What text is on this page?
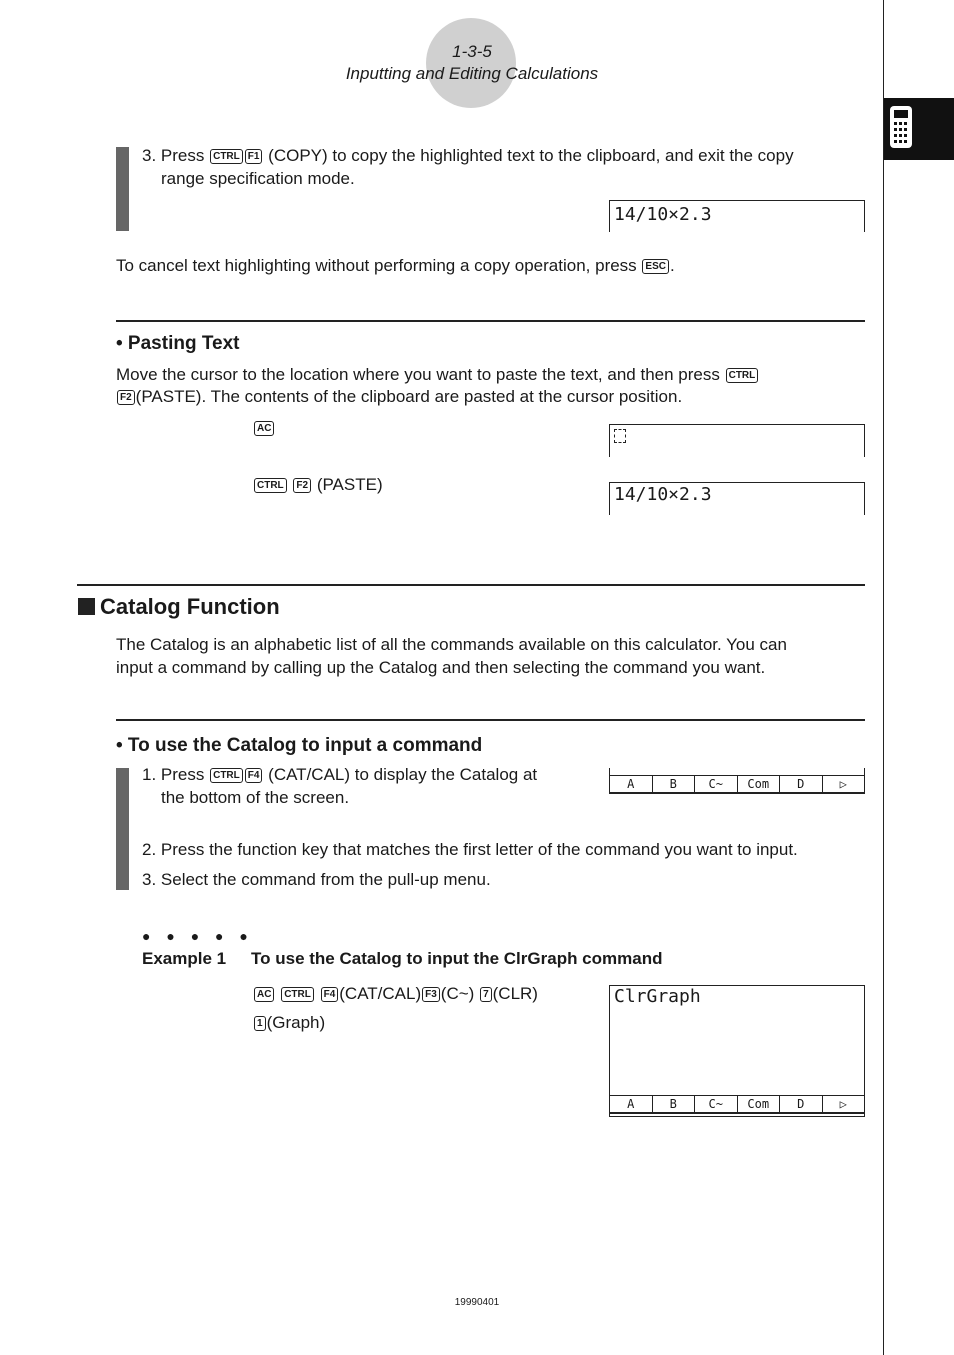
1-3-5
Inputting and Editing Calculations
3. Press CTRL F1 (COPY) to copy the highlighted text to the clipboard, and exit the copy
range specification mode.
14/10×2.3
To cancel text highlighting without performing a copy operation, press ESC .
• Pasting Text
Move the cursor to the location where you want to paste the text, and then press CTRL
F2 (PASTE). The contents of the clipboard are pasted at the cursor position.
AC
CTRL F2 (PASTE)	14/10×2.3
Catalog Function
The Catalog is an alphabetic list of all the commands available on this calculator. You can
input a command by calling up the Catalog and then selecting the command you want.
• To use the Catalog to input a command
1. Press CTRL F4 (CAT/CAL) to display the Catalog at
the bottom of the screen.
A	B	C~	Com	D	▷
2. Press the function key that matches the first letter of the command you want to input.
3. Select the command from the pull-up menu.
● ● ● ● ●
Example 1 To use the Catalog to input the ClrGraph command
AC CTRL F4 (CAT/CAL) F3 (C~) 7 (CLR)
1 (Graph)
ClrGraph
A	B	C~	Com	D	▷
19990401
